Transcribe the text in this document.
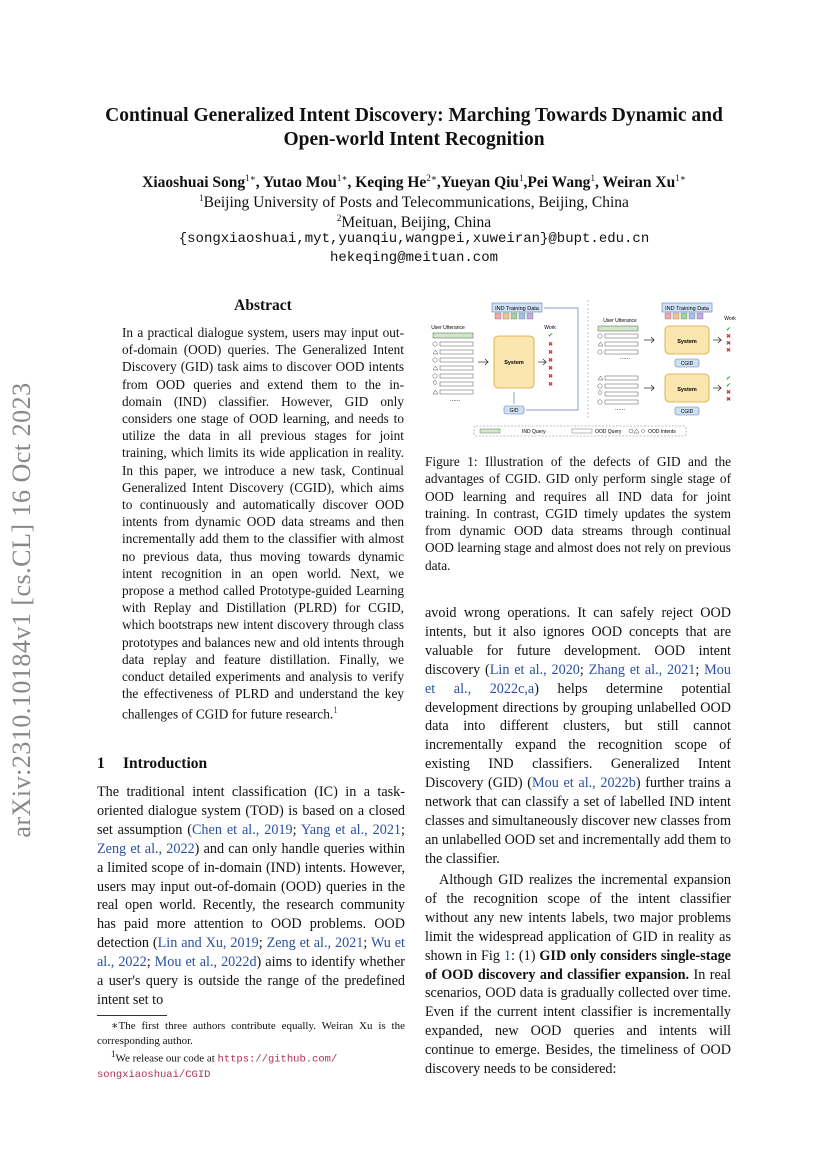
Continual Generalized Intent Discovery: Marching Towards Dynamic and
Open-world Intent Recognition
Xiaoshuai Song$^{1∗}$, Yutao Mou$^{1∗}$, Keqing $He^{2∗},Yueyan$ Qiu$^1$,Pei Wang$^1$, Weiran $Xu^{1∗}$
$^1$Beijing University of Posts and Telecommunications, Beijing, China
$^2$Meituan, Beijing, China
{songxiaoshuai,myt,yuanqiu,wangpei,xuweiran}@bupt.edu.cn
hekeqing@meituan.com
arXiv:2310.10184v1 [cs.CL] 16 Oct 2023
Abstract
In a practical dialogue system, users may input out-of-domain (OOD) queries. The Generalized Intent Discovery (GID) task aims to discover OOD intents from OOD queries and extend them to the in-domain (IND) classifier. However, GID only considers one stage of OOD learning, and needs to utilize the data in all previous stages for joint training, which limits its wide application in reality. In this paper, we introduce a new task, Continual Generalized Intent Discovery (CGID), which aims to continuously and automatically discover OOD intents from dynamic OOD data streams and then incrementally add them to the classifier with almost no previous data, thus moving towards dynamic intent recognition in an open world. Next, we propose a method called Prototype-guided Learning with Replay and Distillation (PLRD) for CGID, which bootstraps new intent discovery through class prototypes and balances new and old intents through data replay and feature distillation. Finally, we conduct detailed experiments and analysis to verify the effectiveness of PLRD and understand the key challenges of CGID for future research.$^1$
1 Introduction
The traditional intent classification (IC) in a task-oriented dialogue system (TOD) is based on a closed set assumption (Chen et al., 2019; Yang et al., 2021; Zeng et al., 2022) and can only handle queries within a limited scope of in-domain (IND) intents. However, users may input out-of-domain (OOD) queries in the real open world. Recently, the research community has paid more attention to OOD problems. OOD detection (Lin and Xu, 2019; Zeng et al., 2021; Wu et al., 2022; Mou et al., 2022d) aims to identify whether a user's query is outside the range of the predefined intent set to
∗The first three authors contribute equally. Weiran Xu is the corresponding author.
$^1$We release our code at https://github.com/
songxiaoshuai/CGID
IND Training Data
User Utterance	Work
......
System
✔
✖
✖
✖
✖
✖
✖
GID
IND Training Data
User Utterance	Work
......
......
System
System
CGID
CGID
✔
✖
✖
✖
✔
✔
✖
✖
IND Query	OOD Query	OOD Intents
Figure 1: Illustration of the defects of GID and the advantages of CGID. GID only perform single stage of OOD learning and requires all IND data for joint training. In contrast, CGID timely updates the system from dynamic OOD data streams through continual OOD learning stage and almost does not rely on previous data.
avoid wrong operations. It can safely reject OOD intents, but it also ignores OOD concepts that are valuable for future development. OOD intent discovery (Lin et al., 2020; Zhang et al., 2021; Mou et al., 2022c,a) helps determine potential development directions by grouping unlabelled OOD data into different clusters, but still cannot incrementally expand the recognition scope of existing IND classifiers. Generalized Intent Discovery (GID) (Mou et al., 2022b) further trains a network that can classify a set of labelled IND intent classes and simultaneously discover new classes from an unlabelled OOD set and incrementally add them to the classifier.
Although GID realizes the incremental expansion of the recognition scope of the intent classifier without any new intents labels, two major problems limit the widespread application of GID in reality as shown in Fig 1: (1) GID only considers single-stage of OOD discovery and classifier expansion. In real scenarios, OOD data is gradually collected over time. Even if the current intent classifier is incrementally expanded, new OOD queries and intents will continue to emerge. Besides, the timeliness of OOD discovery needs to be considered:
